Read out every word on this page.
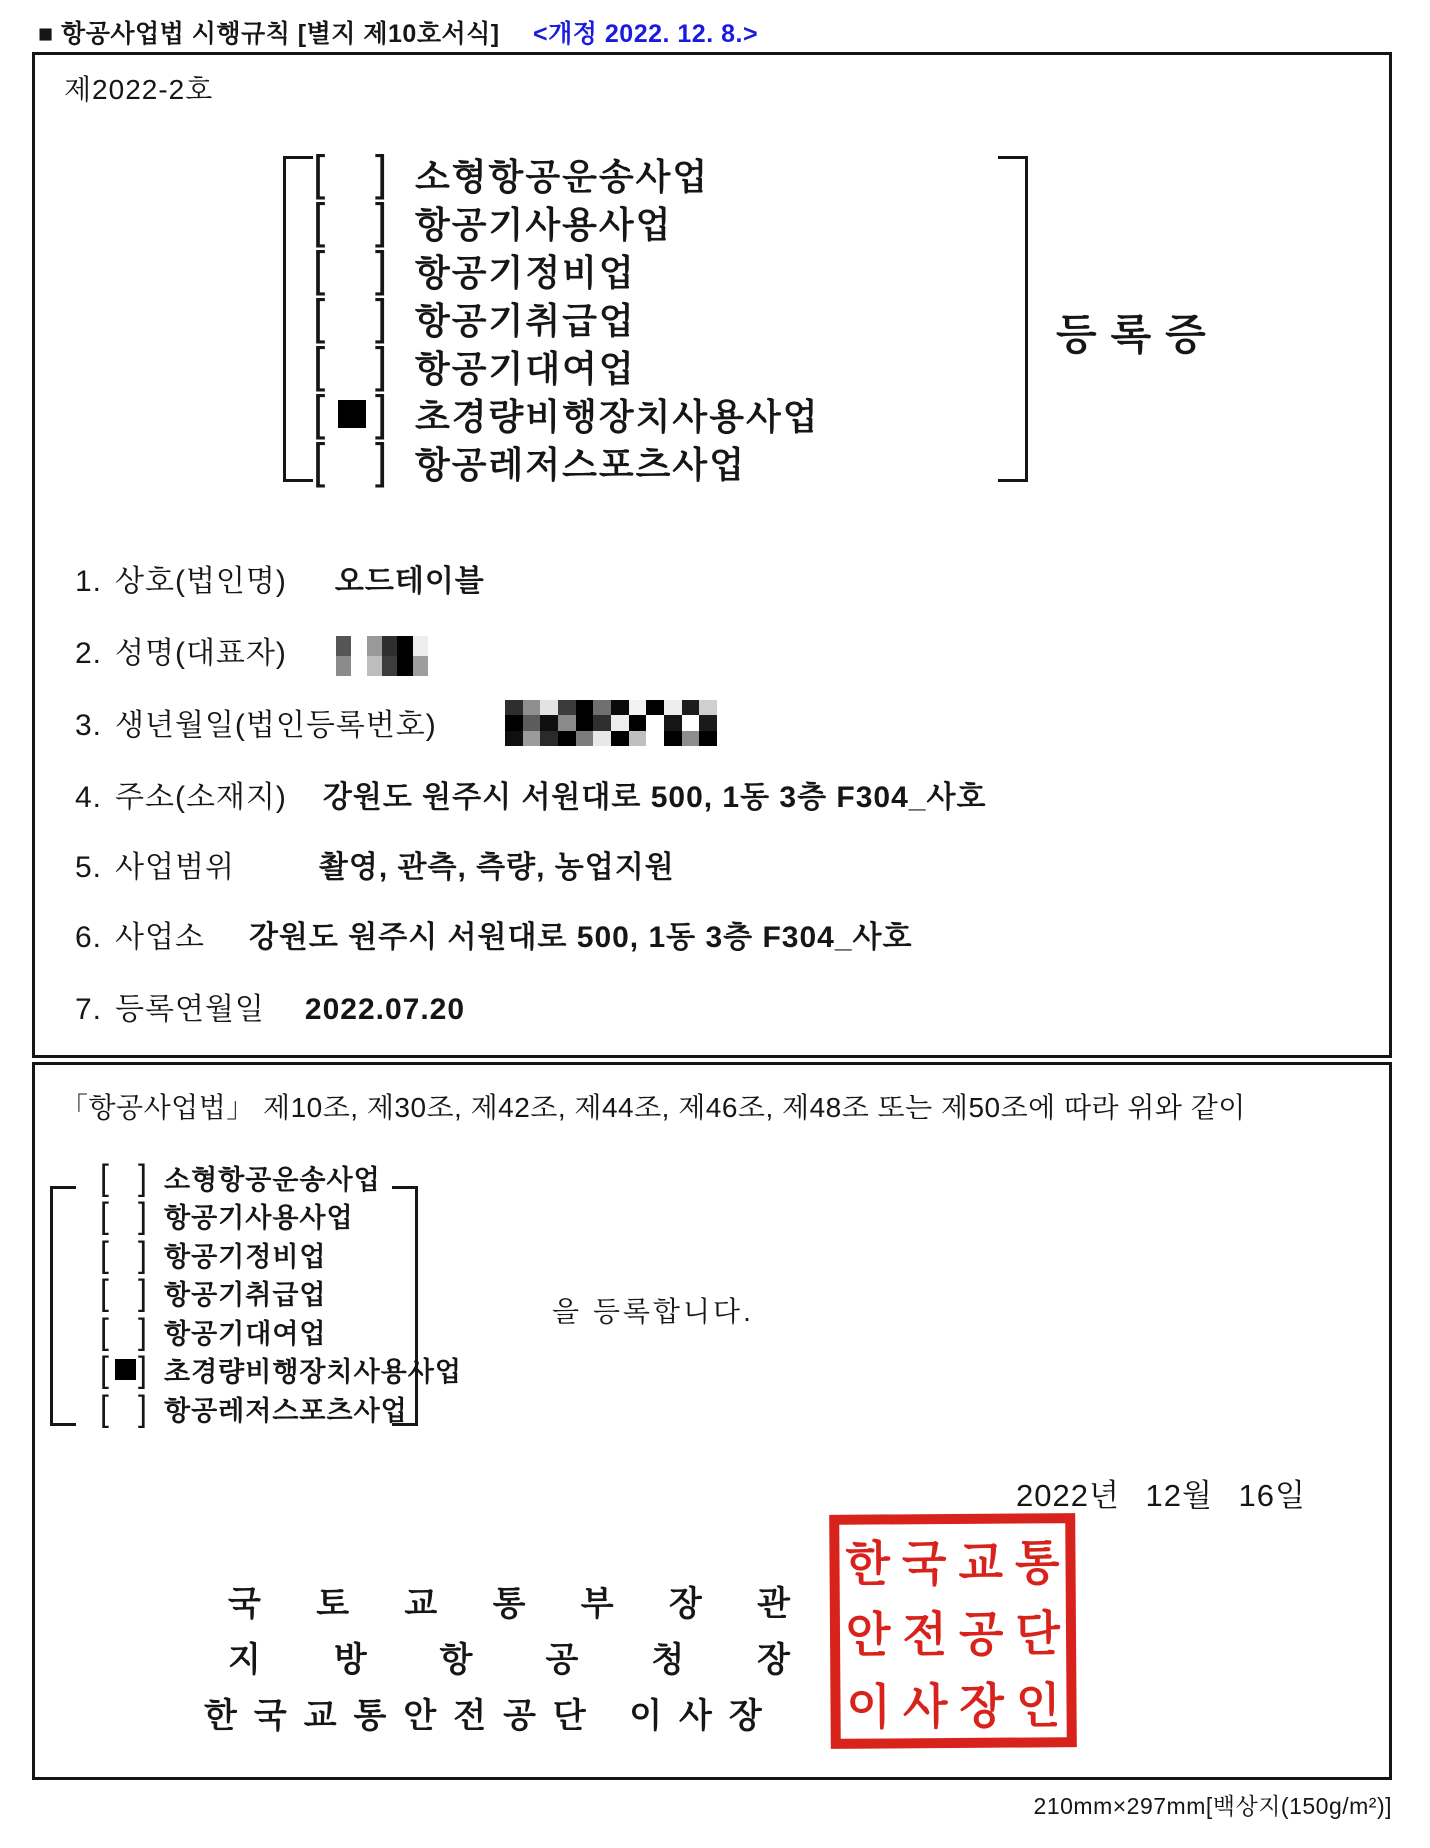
■ 항공사업법 시행규칙 [별지 제10호서식] <개정 2022. 12. 8.>
제2022-2호
[ ] 소형항공운송사업
[ ] 항공기사용사업
[ ] 항공기정비업
[ ] 항공기취급업
[ ] 항공기대여업
[ ] 초경량비행장치사용사업
[ ] 항공레저스포츠사업
등록증
1. 상호(법인명) 오드테이블
2. 성명(대표자)
3. 생년월일(법인등록번호)
4. 주소(소재지) 강원도 원주시 서원대로 500, 1동 3층 F304_사호
5. 사업범위	촬영, 관측, 측량, 농업지원
6. 사업소 강원도 원주시 서원대로 500, 1동 3층 F304_사호
7. 등록연월일 2022.07.20
「항공사업법」 제10조, 제30조, 제42조, 제44조, 제46조, 제48조 또는 제50조에 따라 위와 같이
[ ] 소형항공운송사업
[ ] 항공기사용사업
[ ] 항공기정비업
[ ] 항공기취급업
[ ] 항공기대여업
[ ] 초경량비행장치사용사업
[ ] 항공레저스포츠사업
을 등록합니다.
2022년 12월 16일
국 토 교 통 부 장 관
지 방 항 공 청 장
한국교통안전공단 이사장
한 국 교 통
안 전 공 단
이 사 장 인
210mm×297mm[백상지(150g/m²)]
